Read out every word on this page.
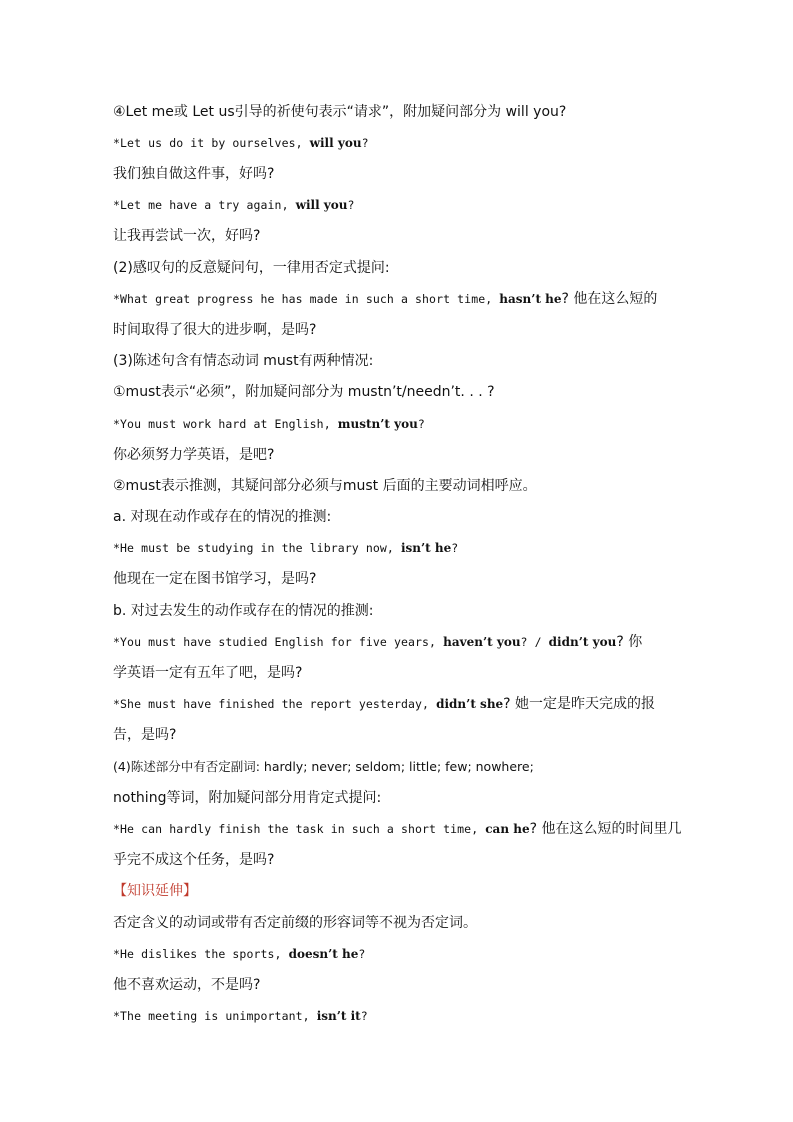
④Let me或 Let us引导的祈使句表示“请求”，附加疑问部分为 will you?
*Let us do it by ourselves, will you?
我们独自做这件事，好吗?
*Let me have a try again, will you?
让我再尝试一次，好吗?
(2)感叹句的反意疑问句，一律用否定式提问:
*What great progress he has made in such a short time, hasn’t he? 他在这么短的
时间取得了很大的进步啊，是吗?
(3)陈述句含有情态动词 must有两种情况:
①must表示“必须”，附加疑问部分为 mustn’t/needn’t. . . ?
*You must work hard at English, mustn’t you?
你必须努力学英语，是吧?
②must表示推测，其疑问部分必须与must 后面的主要动词相呼应。
a. 对现在动作或存在的情况的推测:
*He must be studying in the library now, isn’t he?
他现在一定在图书馆学习，是吗?
b. 对过去发生的动作或存在的情况的推测:
*You must have studied English for five years, haven’t you? / didn’t you? 你
学英语一定有五年了吧，是吗?
*She must have finished the report yesterday, didn’t she? 她一定是昨天完成的报
告，是吗?
(4)陈述部分中有否定副词: hardly; never; seldom; little; few; nowhere;
nothing等词，附加疑问部分用肯定式提问:
*He can hardly finish the task in such a short time, can he? 他在这么短的时间里几
乎完不成这个任务，是吗?
【知识延伸】
否定含义的动词或带有否定前缀的形容词等不视为否定词。
*He dislikes the sports, doesn’t he?
他不喜欢运动，不是吗?
*The meeting is unimportant, isn’t it?
